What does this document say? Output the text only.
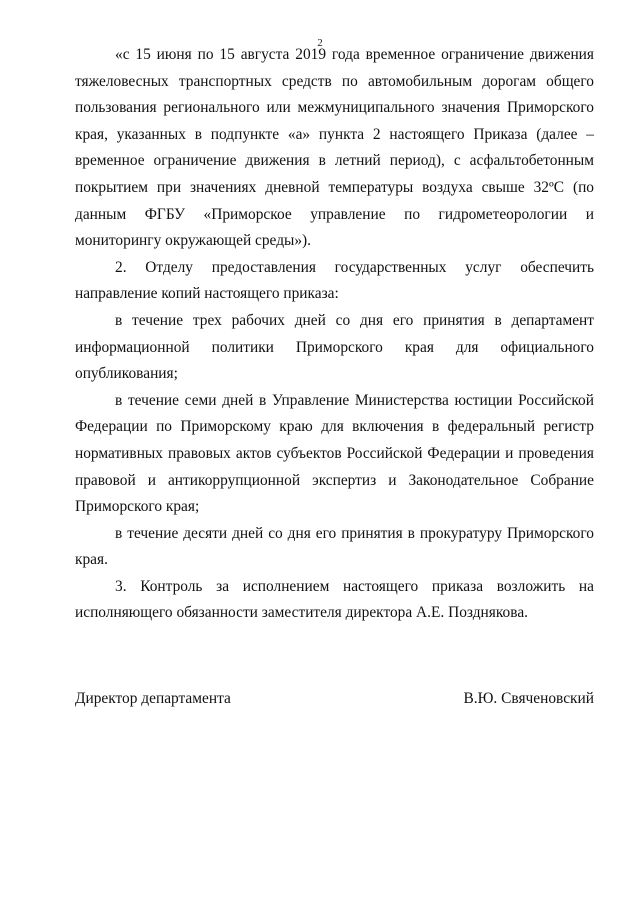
2

«с 15 июня по 15 августа 2019 года временное ограничение движения тяжеловесных транспортных средств по автомобильным дорогам общего пользования регионального или межмуниципального значения Приморского края, указанных в подпункте «а» пункта 2 настоящего Приказа (далее – временное ограничение движения в летний период), с асфальтобетонным покрытием при значениях дневной температуры воздуха свыше 32ºС (по данным ФГБУ «Приморское управление по гидрометеорологии и мониторингу окружающей среды»).

2. Отделу предоставления государственных услуг обеспечить направление копий настоящего приказа:

в течение трех рабочих дней со дня его принятия в департамент информационной политики Приморского края для официального опубликования;

в течение семи дней в Управление Министерства юстиции Российской Федерации по Приморскому краю для включения в федеральный регистр нормативных правовых актов субъектов Российской Федерации и проведения правовой и антикоррупционной экспертиз и Законодательное Собрание Приморского края;

в течение десяти дней со дня его принятия в прокуратуру Приморского края.

3. Контроль за исполнением настоящего приказа возложить на исполняющего обязанности заместителя директора А.Е. Позднякова.

Директор департамента	В.Ю. Свяченовский
